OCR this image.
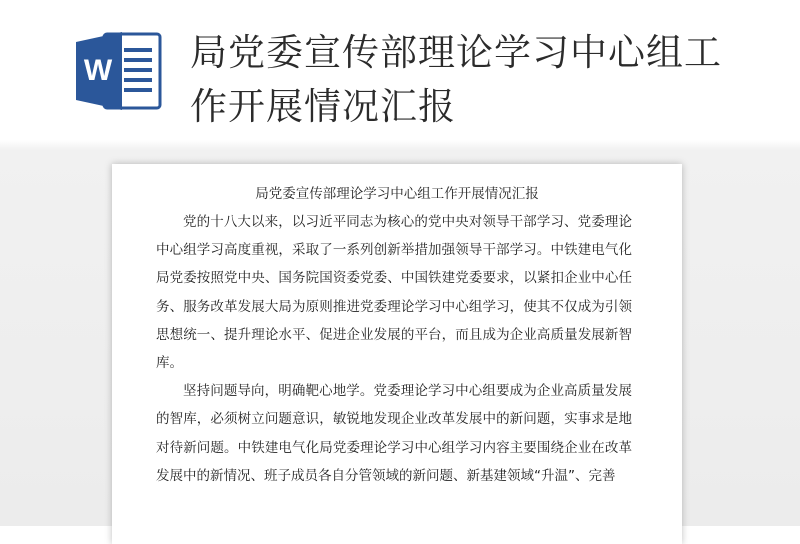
W 局党委宣传部理论学习中心组工作开展情况汇报
局党委宣传部理论学习中心组工作开展情况汇报

党的十八大以来，以习近平同志为核心的党中央对领导干部学习、党委理论中心组学习高度重视，采取了一系列创新举措加强领导干部学习。中铁建电气化局党委按照党中央、国务院国资委党委、中国铁建党委要求，以紧扣企业中心任务、服务改革发展大局为原则推进党委理论学习中心组学习，使其不仅成为引领思想统一、提升理论水平、促进企业发展的平台，而且成为企业高质量发展新智库。

坚持问题导向，明确靶心地学。党委理论学习中心组要成为企业高质量发展的智库，必须树立问题意识，敏锐地发现企业改革发展中的新问题，实事求是地对待新问题。中铁建电气化局党委理论学习中心组学习内容主要围绕企业在改革发展中的新情况、班子成员各自分管领域的新问题、新基建领域“升温”、完善
